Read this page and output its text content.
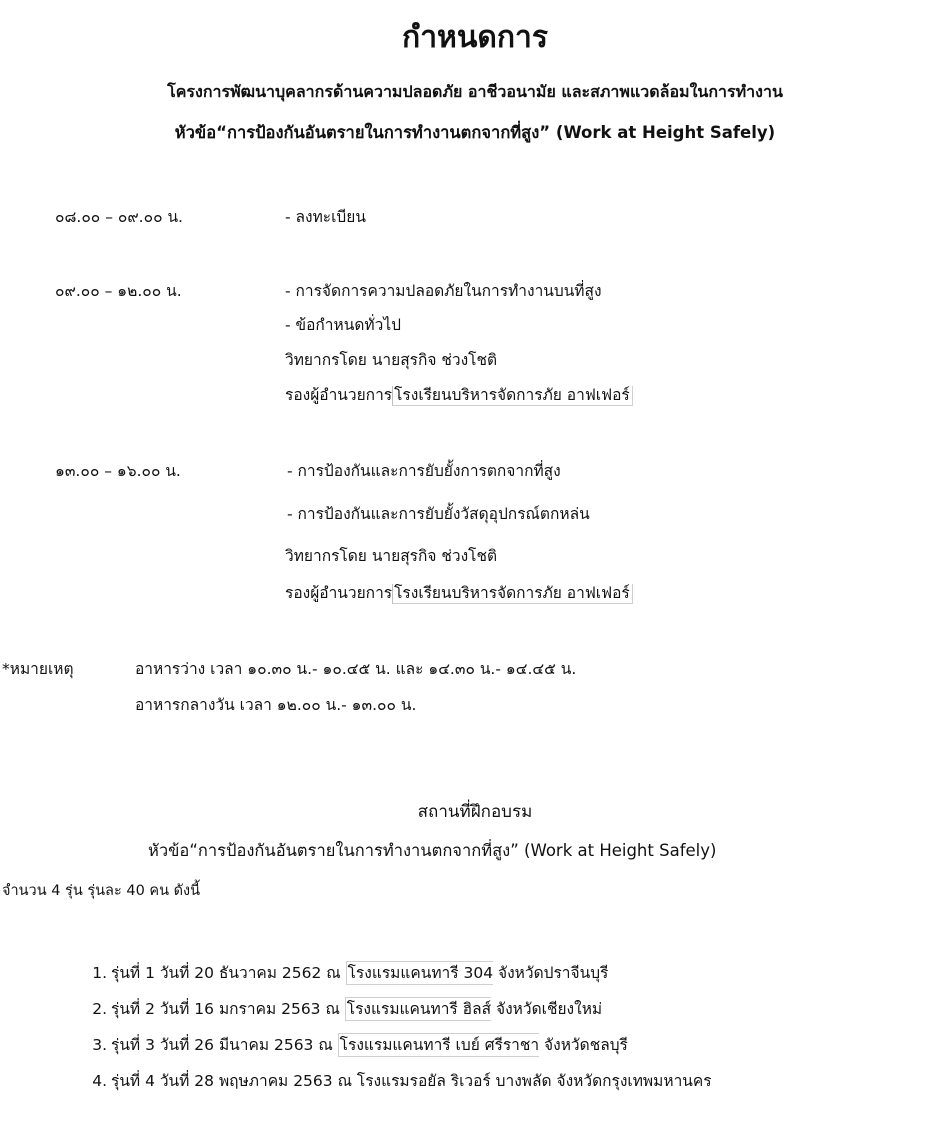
กำหนดการ
โครงการพัฒนาบุคลากรด้านความปลอดภัย อาชีวอนามัย และสภาพแวดล้อมในการทำงาน
หัวข้อ“การป้องกันอันตรายในการทำงานตกจากที่สูง” (Work at Height Safely)
๐๘.๐๐ – ๐๙.๐๐ น.	- ลงทะเบียน
๐๙.๐๐ – ๑๒.๐๐ น.	- การจัดการความปลอดภัยในการทำงานบนที่สูง
- ข้อกำหนดทั่วไป
วิทยากรโดย นายสุรกิจ ช่วงโชติ
รองผู้อำนวยการ โรงเรียนบริหารจัดการภัย อาฟเฟอร์
๑๓.๐๐ – ๑๖.๐๐ น.	- การป้องกันและการยับยั้งการตกจากที่สูง
- การป้องกันและการยับยั้งวัสดุอุปกรณ์ตกหล่น
วิทยากรโดย นายสุรกิจ ช่วงโชติ
รองผู้อำนวยการ โรงเรียนบริหารจัดการภัย อาฟเฟอร์
*หมายเหตุ	อาหารว่าง เวลา ๑๐.๓๐ น.- ๑๐.๔๕ น. และ ๑๔.๓๐ น.- ๑๔.๔๕ น.
อาหารกลางวัน เวลา ๑๒.๐๐ น.- ๑๓.๐๐ น.
สถานที่ฝึกอบรม
หัวข้อ“การป้องกันอันตรายในการทำงานตกจากที่สูง” (Work at Height Safely)
จำนวน 4 รุ่น รุ่นละ 40 คน ดังนี้
1. รุ่นที่ 1 วันที่ 20 ธันวาคม 2562 ณ โรงแรมแคนทารี 304 จังหวัดปราจีนบุรี
2. รุ่นที่ 2 วันที่ 16 มกราคม 2563 ณ โรงแรมแคนทารี ฮิลส์ จังหวัดเชียงใหม่
3. รุ่นที่ 3 วันที่ 26 มีนาคม 2563 ณ โรงแรมแคนทารี เบย์ ศรีราชา จังหวัดชลบุรี
4. รุ่นที่ 4 วันที่ 28 พฤษภาคม 2563 ณ โรงแรมรอยัล ริเวอร์ บางพลัด จังหวัดกรุงเทพมหานคร
